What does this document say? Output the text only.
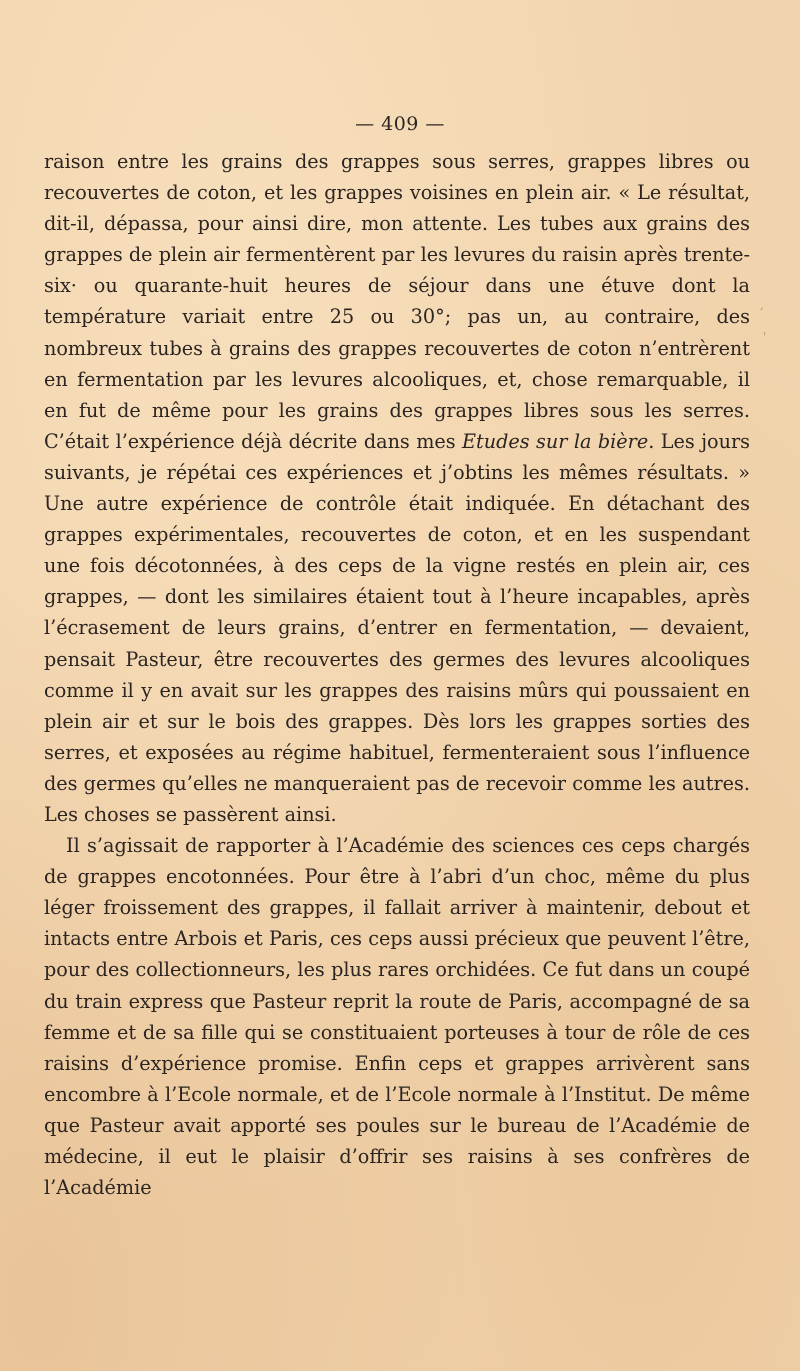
— 409 —

raison entre les grains des grappes sous serres, grappes libres ou recouvertes de coton, et les grappes voisines en plein air. « Le résultat, dit-il, dépassa, pour ainsi dire, mon attente. Les tubes aux grains des grappes de plein air fermentèrent par les levures du raisin après trente-six· ou quarante-huit heures de séjour dans une étuve dont la température variait entre 25 ou 30°; pas un, au contraire, des nombreux tubes à grains des grappes recouvertes de coton n’entrèrent en fermentation par les levures alcooliques, et, chose remarquable, il en fut de même pour les grains des grappes libres sous les serres. C’était l’expérience déjà décrite dans mes Etudes sur la bière. Les jours suivants, je répétai ces expériences et j’obtins les mêmes résultats. » Une autre expérience de contrôle était indiquée. En détachant des grappes expérimentales, recouvertes de coton, et en les suspendant une fois décotonnées, à des ceps de la vigne restés en plein air, ces grappes, — dont les similaires étaient tout à l’heure incapables, après l’écrasement de leurs grains, d’entrer en fermentation, — devaient, pensait Pasteur, être recouvertes des germes des levures alcooliques comme il y en avait sur les grappes des raisins mûrs qui poussaient en plein air et sur le bois des grappes. Dès lors les grappes sorties des serres, et exposées au régime habituel, fermenteraient sous l’influence des germes qu’elles ne manqueraient pas de recevoir comme les autres. Les choses se passèrent ainsi.

Il s’agissait de rapporter à l’Académie des sciences ces ceps chargés de grappes encotonnées. Pour être à l’abri d’un choc, même du plus léger froissement des grappes, il fallait arriver à maintenir, debout et intacts entre Arbois et Paris, ces ceps aussi précieux que peuvent l’être, pour des collectionneurs, les plus rares orchidées. Ce fut dans un coupé du train express que Pasteur reprit la route de Paris, accompagné de sa femme et de sa fille qui se constituaient porteuses à tour de rôle de ces raisins d’expérience promise. Enfin ceps et grappes arrivèrent sans encombre à l’Ecole normale, et de l’Ecole normale à l’Institut. De même que Pasteur avait apporté ses poules sur le bureau de l’Académie de médecine, il eut le plaisir d’offrir ses raisins à ses confrères de l’Académie

,
'
